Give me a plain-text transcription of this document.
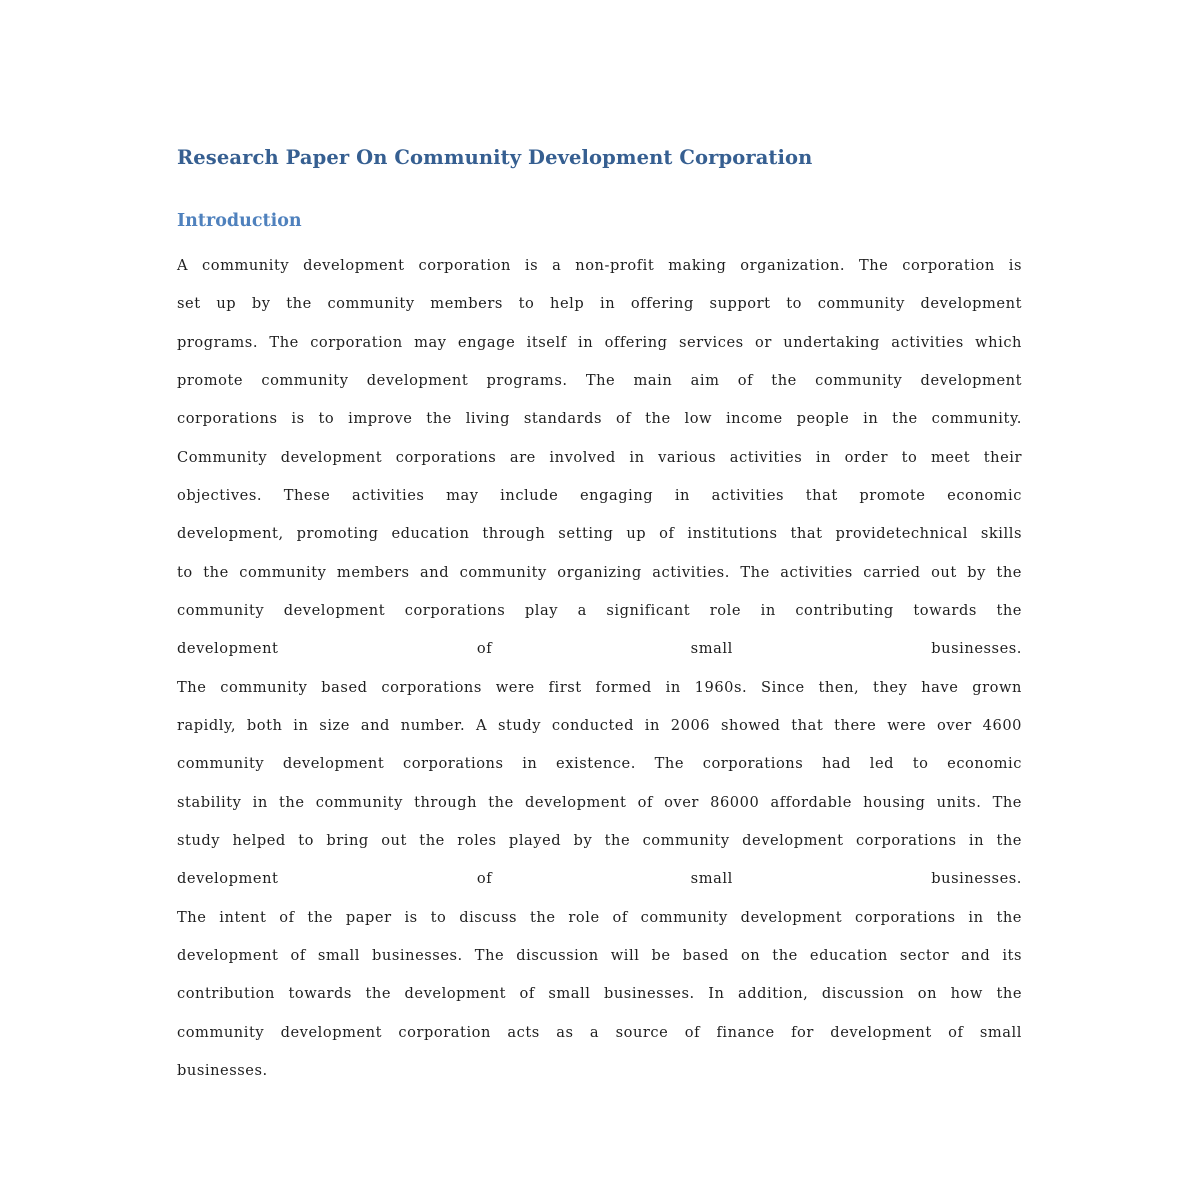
Research Paper On Community Development Corporation
Introduction
A community development corporation is a non-profit making organization. The corporation is
set up by the community members to help in offering support to community development
programs. The corporation may engage itself in offering services or undertaking activities which
promote community development programs. The main aim of the community development
corporations is to improve the living standards of the low income people in the community.
Community development corporations are involved in various activities in order to meet their
objectives. These activities may include engaging in activities that promote economic
development, promoting education through setting up of institutions that providetechnical skills
to the community members and community organizing activities. The activities carried out by the
community development corporations play a significant role in contributing towards the
development of small businesses.
The community based corporations were first formed in 1960s. Since then, they have grown
rapidly, both in size and number. A study conducted in 2006 showed that there were over 4600
community development corporations in existence. The corporations had led to economic
stability in the community through the development of over 86000 affordable housing units. The
study helped to bring out the roles played by the community development corporations in the
development of small businesses.
The intent of the paper is to discuss the role of community development corporations in the
development of small businesses. The discussion will be based on the education sector and its
contribution towards the development of small businesses. In addition, discussion on how the
community development corporation acts as a source of finance for development of small
businesses.
